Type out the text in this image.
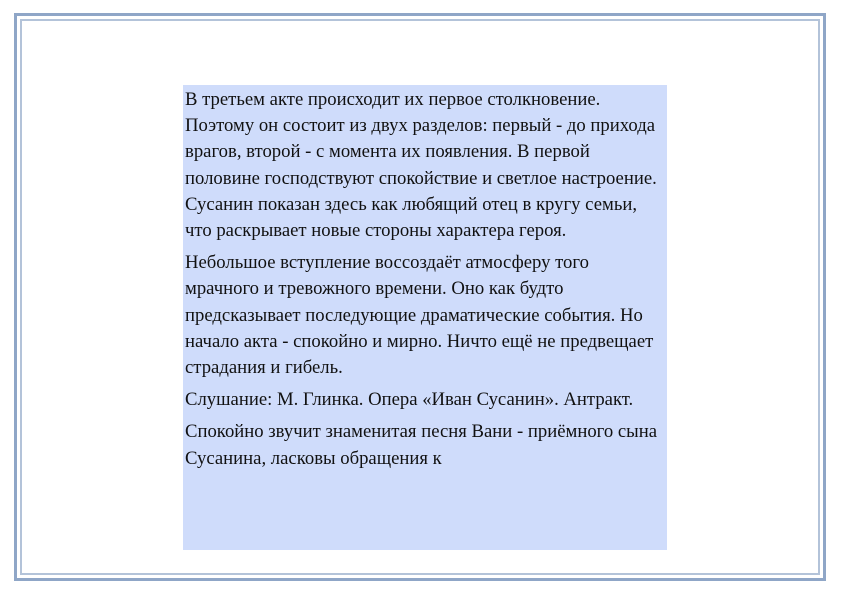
В третьем акте происходит их первое столкновение. Поэтому он состоит из двух разделов: первый - до прихода врагов, второй - с момента их появления. В первой половине господствуют спокойствие и светлое настроение. Сусанин показан здесь как любящий отец в кругу семьи, что раскрывает новые стороны характера героя.

Небольшое вступление воссоздаёт атмосферу того мрачного и тревожного времени. Оно как будто предсказывает последующие драматические события. Но начало акта - спокойно и мирно. Ничто ещё не предвещает страдания и гибель.

Слушание: М. Глинка. Опера «Иван Сусанин». Антракт.

Спокойно звучит знаменитая песня Вани - приёмного сына Сусанина, ласковы обращения к
